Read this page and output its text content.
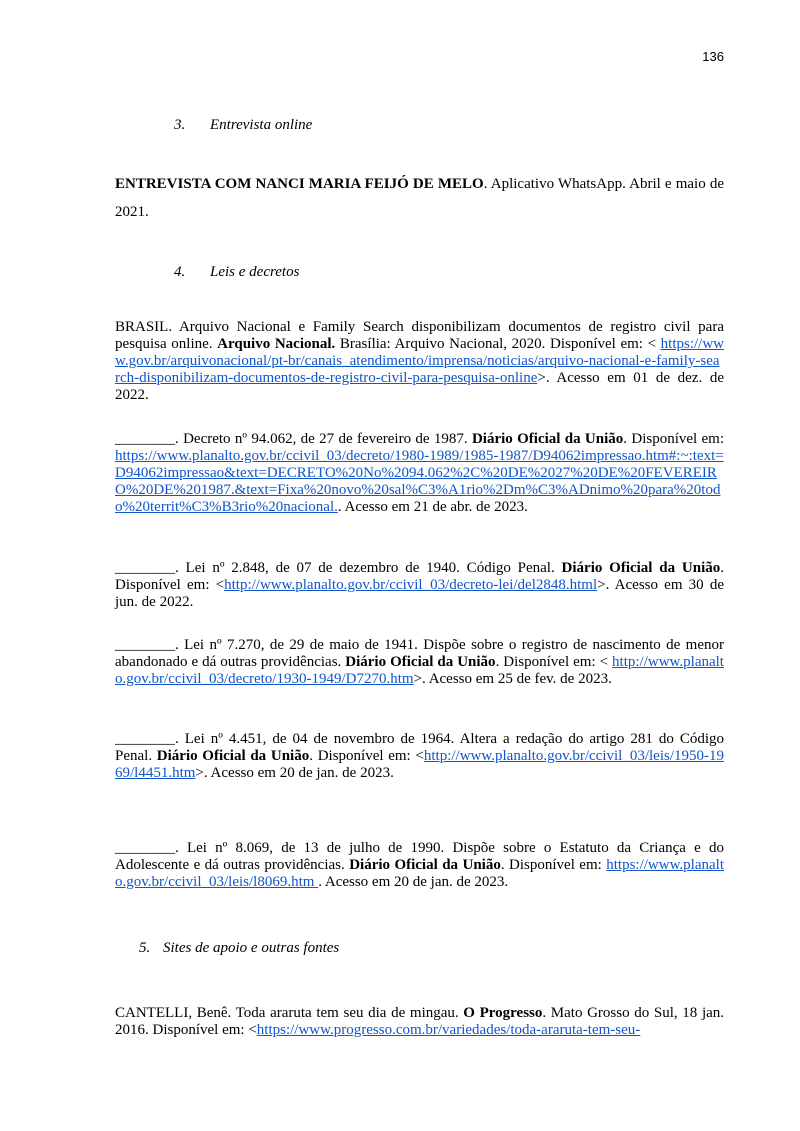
136
3. Entrevista online
ENTREVISTA COM NANCI MARIA FEIJÓ DE MELO. Aplicativo WhatsApp. Abril e maio de 2021.
4. Leis e decretos
BRASIL. Arquivo Nacional e Family Search disponibilizam documentos de registro civil para pesquisa online. Arquivo Nacional. Brasília: Arquivo Nacional, 2020. Disponível em: < https://www.gov.br/arquivonacional/pt-br/canais_atendimento/imprensa/noticias/arquivo-nacional-e-family-search-disponibilizam-documentos-de-registro-civil-para-pesquisa-online>. Acesso em 01 de dez. de 2022.
________. Decreto nº 94.062, de 27 de fevereiro de 1987. Diário Oficial da União. Disponível em: https://www.planalto.gov.br/ccivil_03/decreto/1980-1989/1985-1987/D94062impressao.htm#:~:text=D94062impressao&text=DECRETO%20No%2094.062%2C%20DE%2027%20DE%20FEVEREIRO%20DE%201987.&text=Fixa%20novo%20sal%C3%A1rio%2Dm%C3%ADnimo%20para%20todo%20territ%C3%B3rio%20nacional.. Acesso em 21 de abr. de 2023.
________. Lei nº 2.848, de 07 de dezembro de 1940. Código Penal. Diário Oficial da União. Disponível em: <http://www.planalto.gov.br/ccivil_03/decreto-lei/del2848.html>. Acesso em 30 de jun. de 2022.
________. Lei nº 7.270, de 29 de maio de 1941. Dispõe sobre o registro de nascimento de menor abandonado e dá outras providências. Diário Oficial da União. Disponível em: < http://www.planalto.gov.br/ccivil_03/decreto/1930-1949/D7270.htm>. Acesso em 25 de fev. de 2023.
________. Lei nº 4.451, de 04 de novembro de 1964. Altera a redação do artigo 281 do Código Penal. Diário Oficial da União. Disponível em: <http://www.planalto.gov.br/ccivil_03/leis/1950-1969/l4451.htm>. Acesso em 20 de jan. de 2023.
________. Lei nº 8.069, de 13 de julho de 1990. Dispõe sobre o Estatuto da Criança e do Adolescente e dá outras providências. Diário Oficial da União. Disponível em: https://www.planalto.gov.br/ccivil_03/leis/l8069.htm . Acesso em 20 de jan. de 2023.
5. Sites de apoio e outras fontes
CANTELLI, Benê. Toda araruta tem seu dia de mingau. O Progresso. Mato Grosso do Sul, 18 jan. 2016. Disponível em: <https://www.progresso.com.br/variedades/toda-araruta-tem-seu-
